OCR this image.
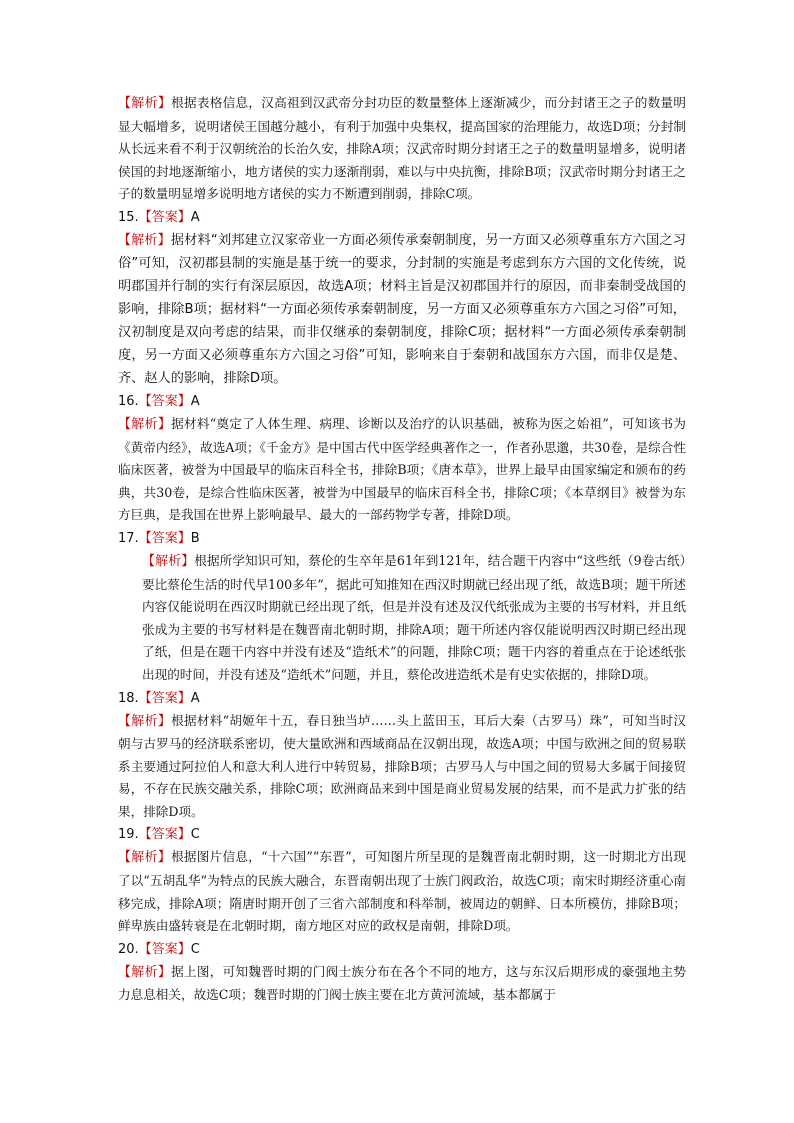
【解析】根据表格信息，汉高祖到汉武帝分封功臣的数量整体上逐渐减少，而分封诸王之子的数量明显大幅增多，说明诸侯王国越分越小，有利于加强中央集权，提高国家的治理能力，故选D项；分封制从长远来看不利于汉朝统治的长治久安，排除A项；汉武帝时期分封诸王之子的数量明显增多，说明诸侯国的封地逐渐缩小，地方诸侯的实力逐渐削弱，难以与中央抗衡，排除B项；汉武帝时期分封诸王之子的数量明显增多说明地方诸侯的实力不断遭到削弱，排除C项。

15.【答案】A

【解析】据材料“刘邦建立汉家帝业一方面必须传承秦朝制度，另一方面又必须尊重东方六国之习俗”可知，汉初郡县制的实施是基于统一的要求，分封制的实施是考虑到东方六国的文化传统，说明郡国并行制的实行有深层原因，故选A项；材料主旨是汉初郡国并行的原因，而非秦制受战国的影响，排除B项；据材料“一方面必须传承秦朝制度，另一方面又必须尊重东方六国之习俗”可知，汉初制度是双向考虑的结果，而非仅继承的秦朝制度，排除C项；据材料“一方面必须传承秦朝制度，另一方面又必须尊重东方六国之习俗”可知，影响来自于秦朝和战国东方六国，而非仅是楚、齐、赵人的影响，排除D项。

16.【答案】A

【解析】据材料“奠定了人体生理、病理、诊断以及治疗的认识基础，被称为医之始祖”，可知该书为《黄帝内经》，故选A项；《千金方》是中国古代中医学经典著作之一，作者孙思邈，共30卷，是综合性临床医著，被誉为中国最早的临床百科全书，排除B项；《唐本草》，世界上最早由国家编定和颁布的药典，共30卷，是综合性临床医著，被誉为中国最早的临床百科全书，排除C项；《本草纲目》被誉为东方巨典，是我国在世界上影响最早、最大的一部药物学专著，排除D项。

17.【答案】B

【解析】根据所学知识可知，蔡伦的生卒年是61年到121年，结合题干内容中“这些纸（9卷古纸）要比蔡伦生活的时代早100多年”，据此可知推知在西汉时期就已经出现了纸，故选B项；题干所述内容仅能说明在西汉时期就已经出现了纸，但是并没有述及汉代纸张成为主要的书写材料，并且纸张成为主要的书写材料是在魏晋南北朝时期，排除A项；题干所述内容仅能说明西汉时期已经出现了纸，但是在题干内容中并没有述及“造纸术”的问题，排除C项；题干内容的着重点在于论述纸张出现的时间，并没有述及“造纸术”问题，并且，蔡伦改进造纸术是有史实依据的，排除D项。

18.【答案】A

【解析】根据材料“胡姬年十五，春日独当垆……头上蓝田玉，耳后大秦（古罗马）珠”，可知当时汉朝与古罗马的经济联系密切，使大量欧洲和西域商品在汉朝出现，故选A项；中国与欧洲之间的贸易联系主要通过阿拉伯人和意大利人进行中转贸易，排除B项；古罗马人与中国之间的贸易大多属于间接贸易，不存在民族交融关系，排除C项；欧洲商品来到中国是商业贸易发展的结果，而不是武力扩张的结果，排除D项。

19.【答案】C

【解析】根据图片信息，“十六国”“东晋”，可知图片所呈现的是魏晋南北朝时期，这一时期北方出现了以“五胡乱华”为特点的民族大融合，东晋南朝出现了士族门阀政治，故选C项；南宋时期经济重心南移完成，排除A项；隋唐时期开创了三省六部制度和科举制，被周边的朝鲜、日本所模仿，排除B项；鲜卑族由盛转衰是在北朝时期，南方地区对应的政权是南朝，排除D项。

20.【答案】C

【解析】据上图，可知魏晋时期的门阀士族分布在各个不同的地方，这与东汉后期形成的豪强地主势力息息相关，故选C项；魏晋时期的门阀士族主要在北方黄河流域，基本都属于
